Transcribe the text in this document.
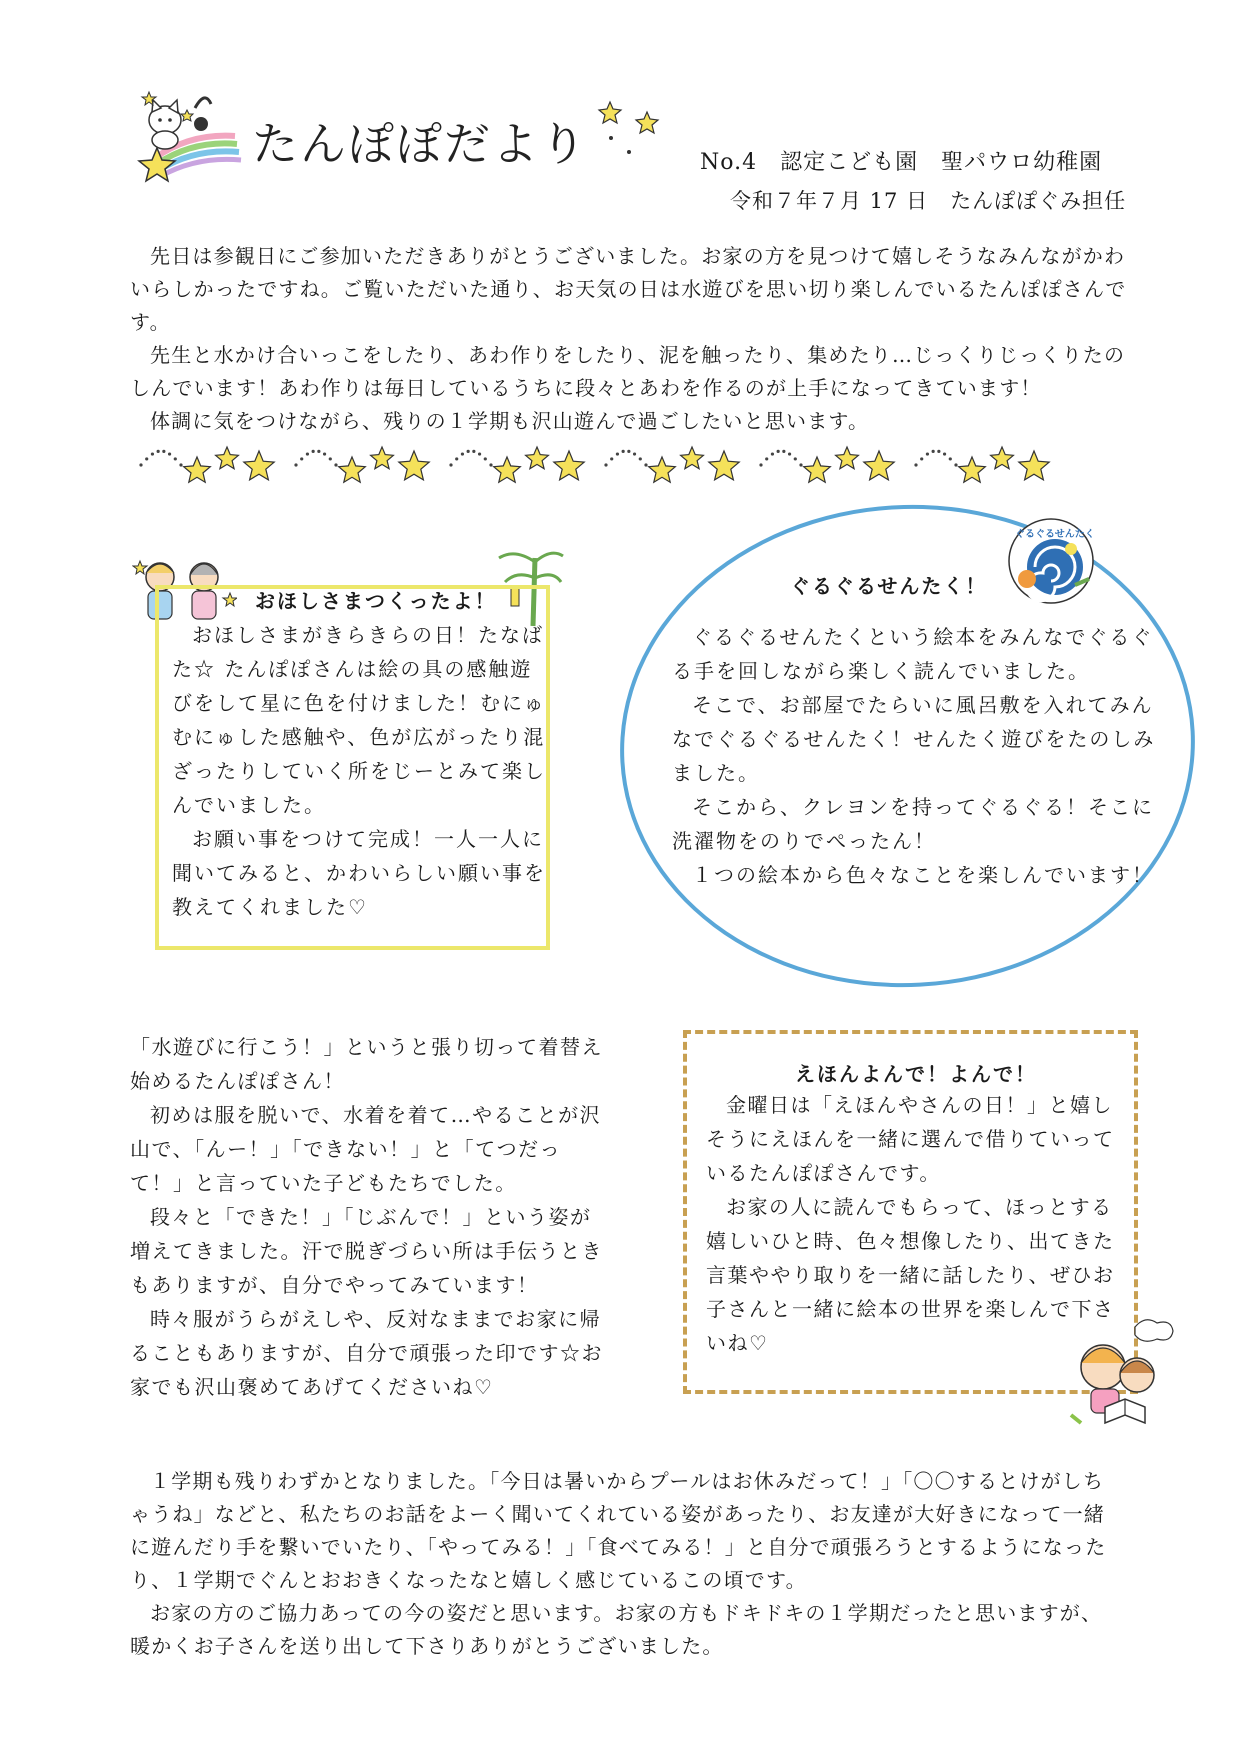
たんぽぽだより	No.4　認定こども園　聖パウロ幼稚園
令和７年７月 17 日　たんぽぽぐみ担任

先日は参観日にご参加いただきありがとうございました。お家の方を見つけて嬉しそうなみんながかわいらしかったですね。ご覧いただいた通り、お天気の日は水遊びを思い切り楽しんでいるたんぽぽさんです。

先生と水かけ合いっこをしたり、あわ作りをしたり、泥を触ったり、集めたり…じっくりじっくりたのしんでいます！あわ作りは毎日しているうちに段々とあわを作るのが上手になってきています！

体調に気をつけながら、残りの１学期も沢山遊んで過ごしたいと思います。

おほしさまつくったよ！

おほしさまがきらきらの日！たなばた☆ たんぽぽさんは絵の具の感触遊びをして星に色を付けました！むにゅむにゅした感触や、色が広がったり混ざったりしていく所をじーとみて楽しんでいました。

お願い事をつけて完成！一人一人に聞いてみると、かわいらしい願い事を教えてくれました♡

ぐるぐるせんたく
ぐるぐるせんたく！

ぐるぐるせんたくという絵本をみんなでぐるぐる手を回しながら楽しく読んでいました。

そこで、お部屋でたらいに風呂敷を入れてみんなでぐるぐるせんたく！せんたく遊びをたのしみました。

そこから、クレヨンを持ってぐるぐる！そこに洗濯物をのりでぺったん！

１つの絵本から色々なことを楽しんでいます！

「水遊びに行こう！」というと張り切って着替え始めるたんぽぽさん！

初めは服を脱いで、水着を着て…やることが沢山で、「んー！」「できない！」と「てつだって！」と言っていた子どもたちでした。

段々と「できた！」「じぶんで！」という姿が増えてきました。汗で脱ぎづらい所は手伝うときもありますが、自分でやってみています！

時々服がうらがえしや、反対なままでお家に帰ることもありますが、自分で頑張った印です☆お家でも沢山褒めてあげてくださいね♡

えほんよんで！よんで！

金曜日は「えほんやさんの日！」と嬉しそうにえほんを一緒に選んで借りていっているたんぽぽさんです。

お家の人に読んでもらって、ほっとする嬉しいひと時、色々想像したり、出てきた言葉ややり取りを一緒に話したり、ぜひお子さんと一緒に絵本の世界を楽しんで下さいね♡

１学期も残りわずかとなりました。「今日は暑いからプールはお休みだって！」「〇〇するとけがしちゃうね」などと、私たちのお話をよーく聞いてくれている姿があったり、お友達が大好きになって一緒に遊んだり手を繋いでいたり、「やってみる！」「食べてみる！」と自分で頑張ろうとするようになったり、１学期でぐんとおおきくなったなと嬉しく感じているこの頃です。

お家の方のご協力あっての今の姿だと思います。お家の方もドキドキの１学期だったと思いますが、暖かくお子さんを送り出して下さりありがとうございました。
